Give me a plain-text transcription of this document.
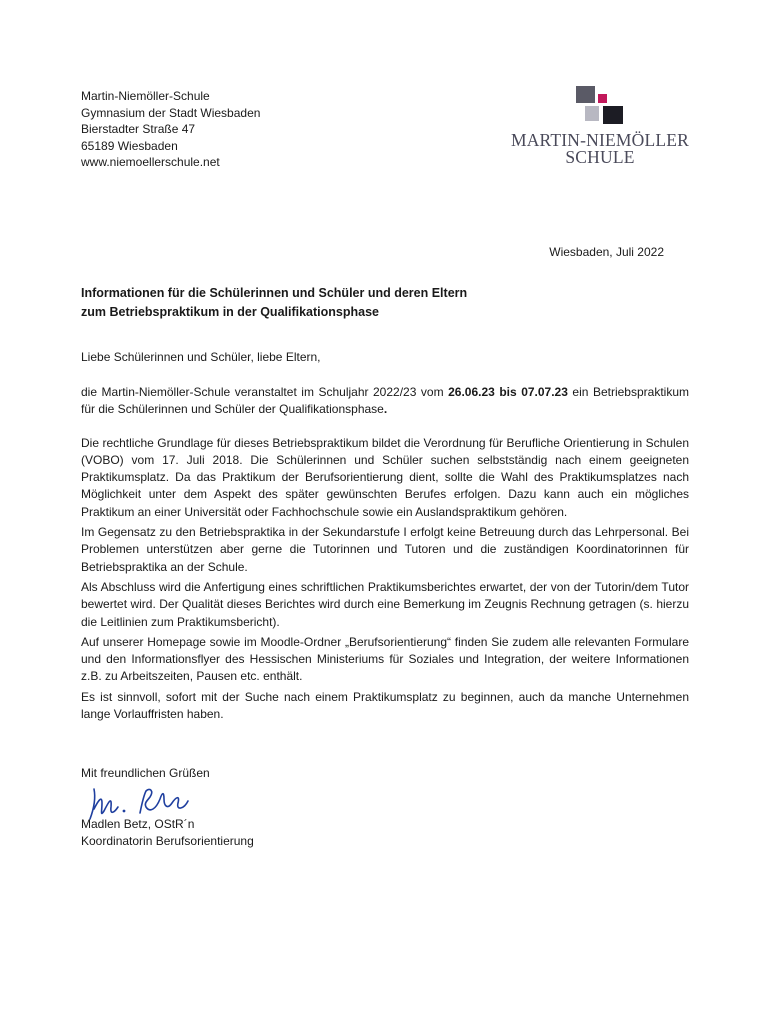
Martin-Niemöller-Schule
Gymnasium der Stadt Wiesbaden
Bierstadter Straße 47
65189 Wiesbaden
www.niemoellerschule.net
MARTIN-NIEMÖLLER
SCHULE
Wiesbaden, Juli 2022
Informationen für die Schülerinnen und Schüler und deren Eltern
zum Betriebspraktikum in der Qualifikationsphase
Liebe Schülerinnen und Schüler, liebe Eltern,

die Martin-Niemöller-Schule veranstaltet im Schuljahr 2022/23 vom 26.06.23 bis 07.07.23 ein Betriebspraktikum für die Schülerinnen und Schüler der Qualifikationsphase.

Die rechtliche Grundlage für dieses Betriebspraktikum bildet die Verordnung für Berufliche Orientierung in Schulen (VOBO) vom 17. Juli 2018. Die Schülerinnen und Schüler suchen selbstständig nach einem geeigneten Praktikumsplatz. Da das Praktikum der Berufsorientierung dient, sollte die Wahl des Praktikumsplatzes nach Möglichkeit unter dem Aspekt des später gewünschten Berufes erfolgen. Dazu kann auch ein mögliches Praktikum an einer Universität oder Fachhochschule sowie ein Auslandspraktikum gehören.

Im Gegensatz zu den Betriebspraktika in der Sekundarstufe I erfolgt keine Betreuung durch das Lehrpersonal. Bei Problemen unterstützen aber gerne die Tutorinnen und Tutoren und die zuständigen Koordinatorinnen für Betriebspraktika an der Schule.

Als Abschluss wird die Anfertigung eines schriftlichen Praktikumsberichtes erwartet, der von der Tutorin/dem Tutor bewertet wird. Der Qualität dieses Berichtes wird durch eine Bemerkung im Zeugnis Rechnung getragen (s. hierzu die Leitlinien zum Praktikumsbericht).

Auf unserer Homepage sowie im Moodle-Ordner „Berufsorientierung“ finden Sie zudem alle relevanten Formulare und den Informationsflyer des Hessischen Ministeriums für Soziales und Integration, der weitere Informationen z.B. zu Arbeitszeiten, Pausen etc. enthält.

Es ist sinnvoll, sofort mit der Suche nach einem Praktikumsplatz zu beginnen, auch da manche Unternehmen lange Vorlauffristen haben.

Mit freundlichen Grüßen
Madlen Betz, OStR´n
Koordinatorin Berufsorientierung
